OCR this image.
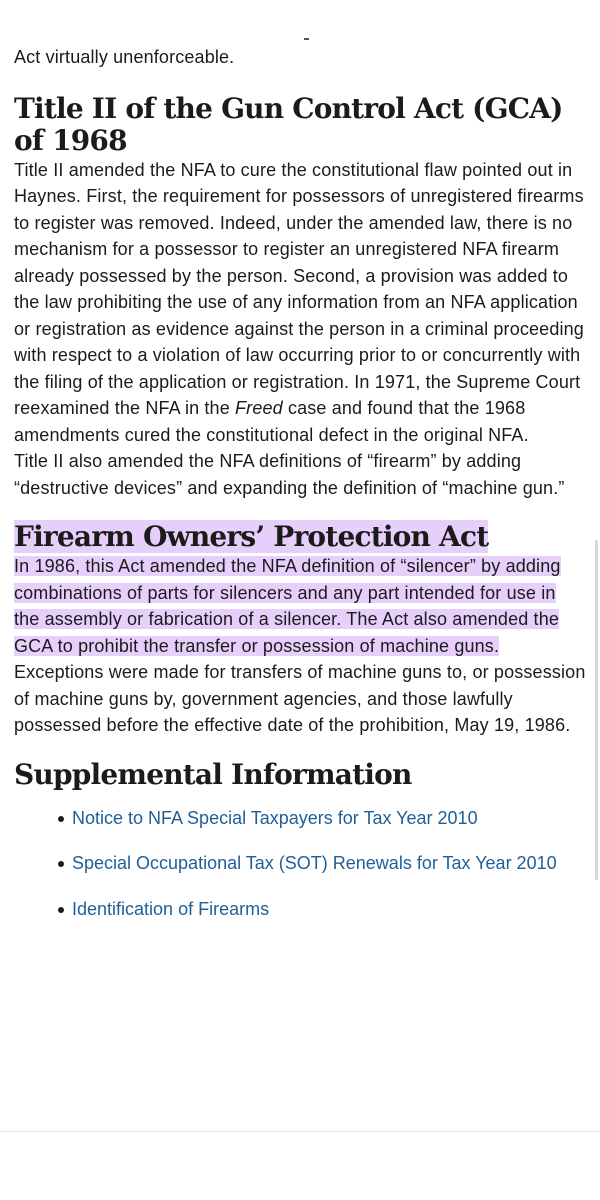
Act virtually unenforceable.

Title II of the Gun Control Act (GCA) of 1968

Title II amended the NFA to cure the constitutional flaw pointed out in Haynes. First, the requirement for possessors of unregistered firearms to register was removed. Indeed, under the amended law, there is no mechanism for a possessor to register an unregistered NFA firearm already possessed by the person. Second, a provision was added to the law prohibiting the use of any information from an NFA application or registration as evidence against the person in a criminal proceeding with respect to a violation of law occurring prior to or concurrently with the filing of the application or registration. In 1971, the Supreme Court reexamined the NFA in the Freed case and found that the 1968 amendments cured the constitutional defect in the original NFA.

Title II also amended the NFA definitions of “firearm” by adding “destructive devices” and expanding the definition of “machine gun.”

Firearm Owners’ Protection Act

In 1986, this Act amended the NFA definition of “silencer” by adding combinations of parts for silencers and any part intended for use in the assembly or fabrication of a silencer. The Act also amended the GCA to prohibit the transfer or possession of machine guns. Exceptions were made for transfers of machine guns to, or possession of machine guns by, government agencies, and those lawfully possessed before the effective date of the prohibition, May 19, 1986.

Supplemental Information
Notice to NFA Special Taxpayers for Tax Year 2010
Special Occupational Tax (SOT) Renewals for Tax Year 2010
Identification of Firearms
